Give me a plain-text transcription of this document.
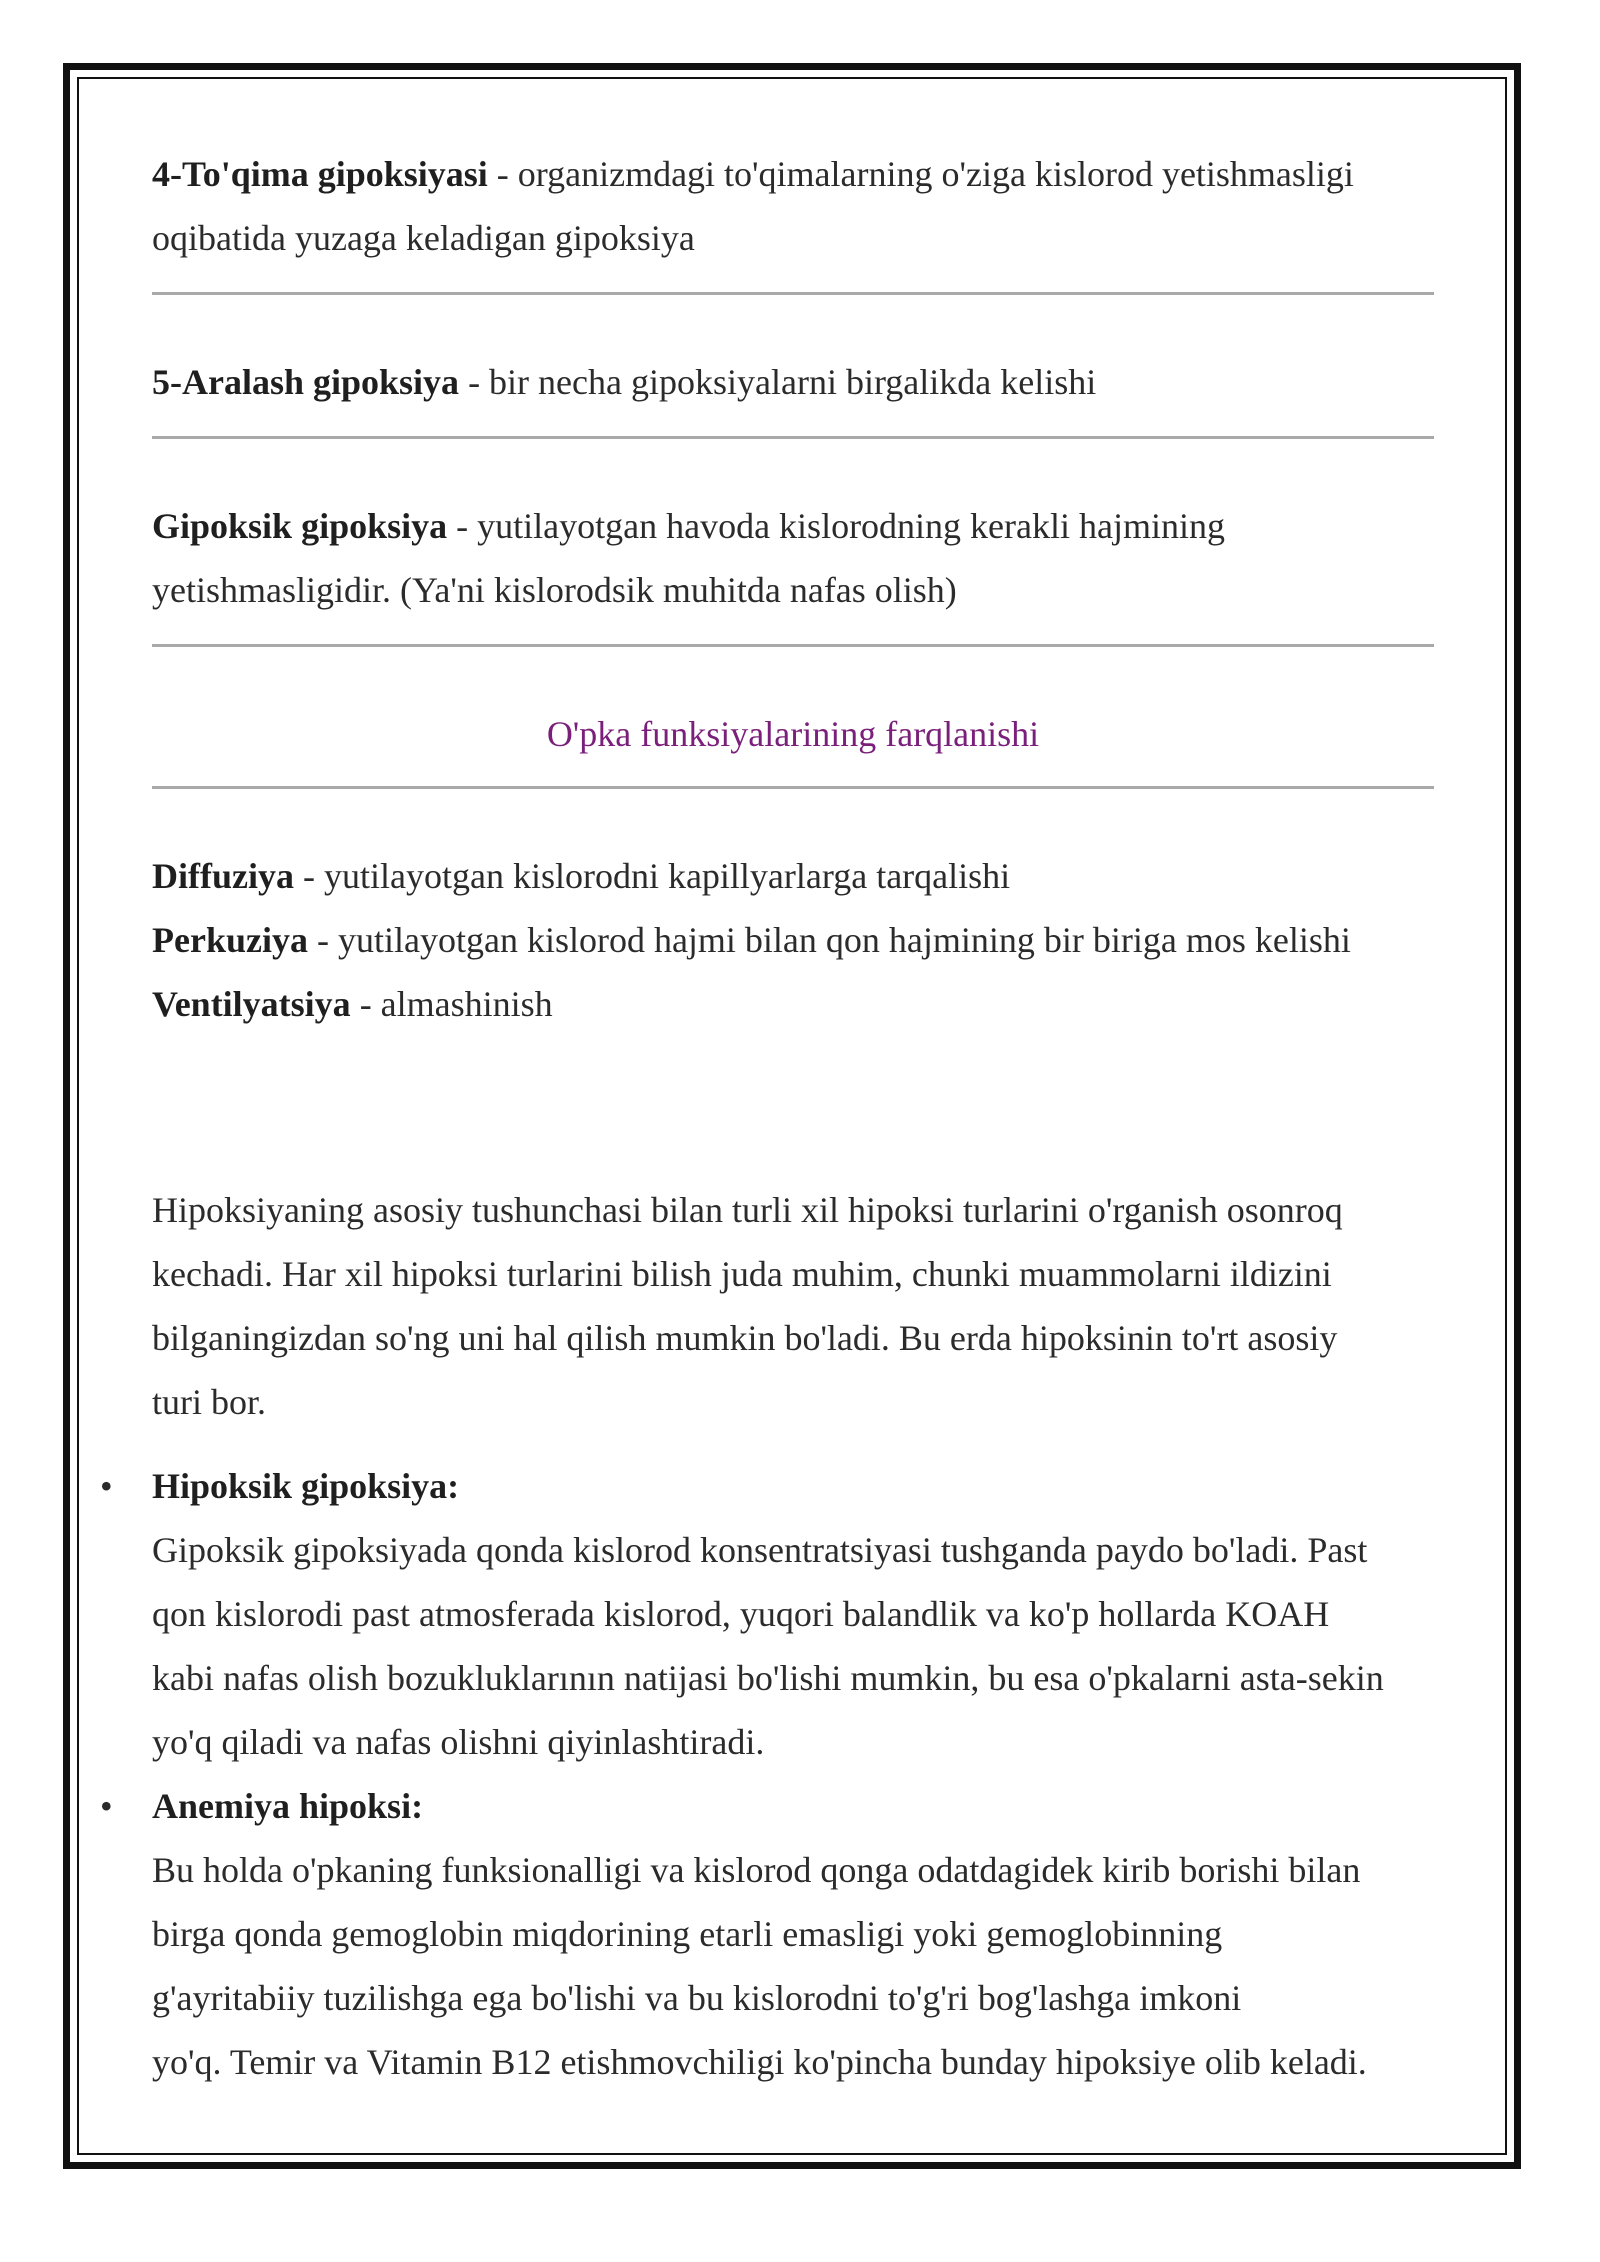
4-To'qima gipoksiyasi - organizmdagi to'qimalarning o'ziga kislorod yetishmasligi
oqibatida yuzaga keladigan gipoksiya
5-Aralash gipoksiya - bir necha gipoksiyalarni birgalikda kelishi
Gipoksik gipoksiya - yutilayotgan havoda kislorodning kerakli hajmining
yetishmasligidir. (Ya'ni kislorodsik muhitda nafas olish)
O'pka funksiyalarining farqlanishi
Diffuziya - yutilayotgan kislorodni kapillyarlarga tarqalishi
Perkuziya - yutilayotgan kislorod hajmi bilan qon hajmining bir biriga mos kelishi
Ventilyatsiya - almashinish
Hipoksiyaning asosiy tushunchasi bilan turli xil hipoksi turlarini o'rganish osonroq
kechadi. Har xil hipoksi turlarini bilish juda muhim, chunki muammolarni ildizini
bilganingizdan so'ng uni hal qilish mumkin bo'ladi. Bu erda hipoksinin to'rt asosiy
turi bor.
• Hipoksik gipoksiya:
Gipoksik gipoksiyada qonda kislorod konsentratsiyasi tushganda paydo bo'ladi. Past
qon kislorodi past atmosferada kislorod, yuqori balandlik va ko'p hollarda KOAH
kabi nafas olish bozukluklarının natijasi bo'lishi mumkin, bu esa o'pkalarni asta-sekin
yo'q qiladi va nafas olishni qiyinlashtiradi.
• Anemiya hipoksi:
Bu holda o'pkaning funksionalligi va kislorod qonga odatdagidek kirib borishi bilan
birga qonda gemoglobin miqdorining etarli emasligi yoki gemoglobinning
g'ayritabiiy tuzilishga ega bo'lishi va bu kislorodni to'g'ri bog'lashga imkoni
yo'q. Temir va Vitamin B12 etishmovchiligi ko'pincha bunday hipoksiye olib keladi.
